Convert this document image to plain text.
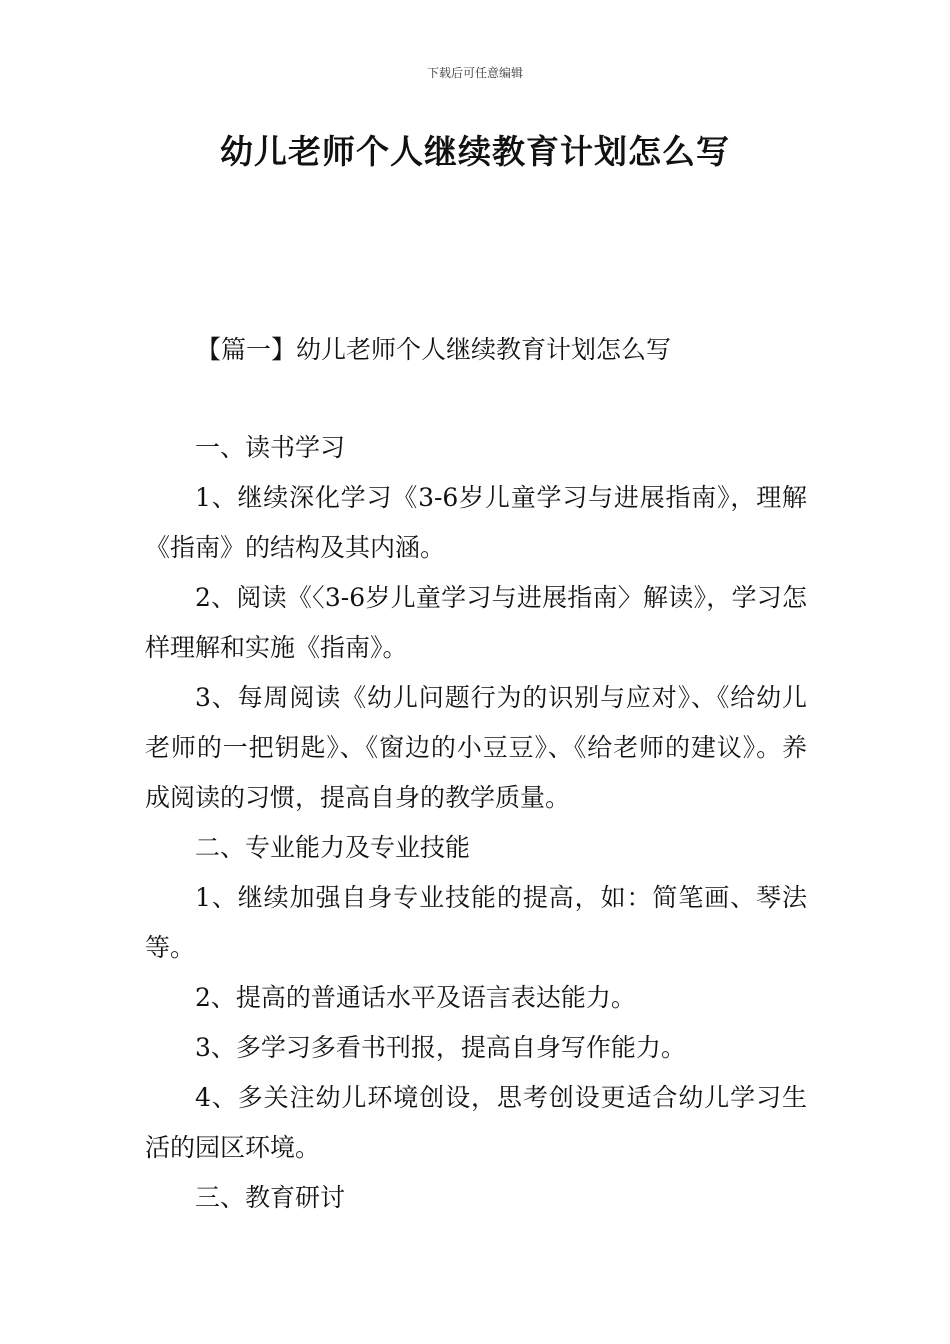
下载后可任意编辑
幼儿老师个人继续教育计划怎么写
【篇一】幼儿老师个人继续教育计划怎么写

一、读书学习

1、继续深化学习《3-6岁儿童学习与进展指南》，理解《指南》的结构及其内涵。

2、阅读《〈3-6岁儿童学习与进展指南〉解读》，学习怎样理解和实施《指南》。

3、每周阅读《幼儿问题行为的识别与应对》、《给幼儿老师的一把钥匙》、《窗边的小豆豆》、《给老师的建议》。养成阅读的习惯，提高自身的教学质量。

二、专业能力及专业技能

1、继续加强自身专业技能的提高，如：简笔画、琴法等。

2、提高的普通话水平及语言表达能力。

3、多学习多看书刊报，提高自身写作能力。

4、多关注幼儿环境创设，思考创设更适合幼儿学习生活的园区环境。

三、教育研讨
